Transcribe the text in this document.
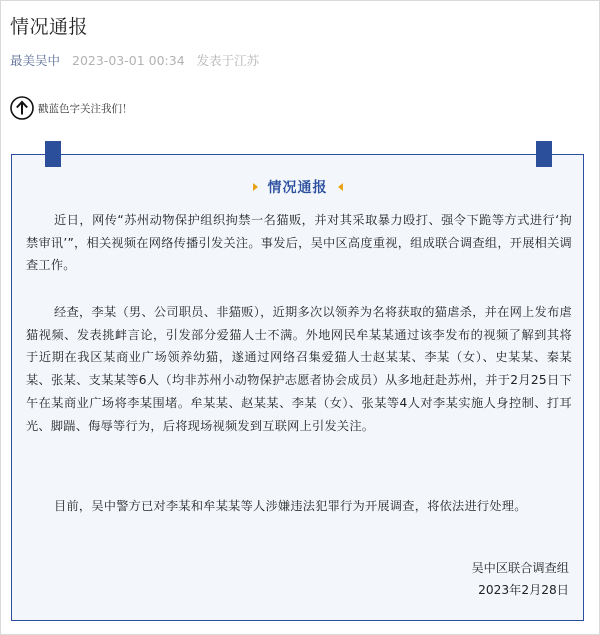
情况通报
最美吴中 2023-03-01 00:34 发表于江苏
戳蓝色字关注我们！
情况通报
近日，网传“苏州动物保护组织拘禁一名猫贩，并对其采取暴力殴打、强令下跪等方式进行‘拘禁审讯’”，相关视频在网络传播引发关注。事发后，吴中区高度重视，组成联合调查组，开展相关调查工作。
经查，李某（男、公司职员、非猫贩），近期多次以领养为名将获取的猫虐杀，并在网上发布虐猫视频、发表挑衅言论，引发部分爱猫人士不满。外地网民牟某某通过该李发布的视频了解到其将于近期在我区某商业广场领养幼猫，遂通过网络召集爱猫人士赵某某、李某（女）、史某某、秦某某、张某、支某某等6人（均非苏州小动物保护志愿者协会成员）从多地赶赴苏州，并于2月25日下午在某商业广场将李某围堵。牟某某、赵某某、李某（女）、张某等4人对李某实施人身控制、打耳光、脚踹、侮辱等行为，后将现场视频发到互联网上引发关注。
目前，吴中警方已对李某和牟某某等人涉嫌违法犯罪行为开展调查，将依法进行处理。
吴中区联合调查组
2023年2月28日
